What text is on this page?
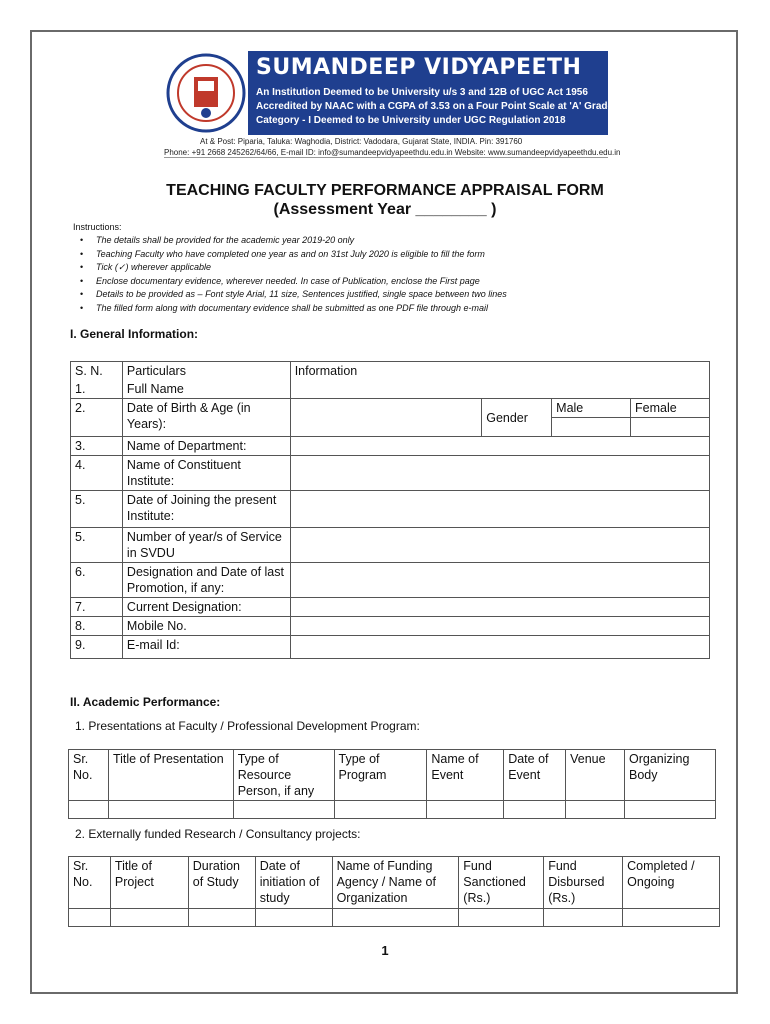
SUMANDEEP VIDYAPEETH
An Institution Deemed to be University u/s 3 and 12B of UGC Act 1956
Accredited by NAAC with a CGPA of 3.53 on a Four Point Scale at 'A' Grade
Category - I Deemed to be University under UGC Regulation 2018
At & Post: Piparia, Taluka: Waghodia, District: Vadodara, Gujarat State, INDIA. Pin: 391760
Phone: +91 2668 245262/64/66, E-mail ID: info@sumandeepvidyapeethdu.edu.in Website: www.sumandeepvidyapeethdu.edu.in
TEACHING FACULTY PERFORMANCE APPRAISAL FORM
(Assessment Year ________ )
Instructions:
• The details shall be provided for the academic year 2019-20 only
• Teaching Faculty who have completed one year as and on 31st July 2020 is eligible to fill the form
• Tick (✓) wherever applicable
• Enclose documentary evidence, wherever needed. In case of Publication, enclose the First page
• Details to be provided as – Font style Arial, 11 size, Sentences justified, single space between two lines
• The filled form along with documentary evidence shall be submitted as one PDF file through e-mail
I. General Information:
S. N.	Particulars	Information			
1.	Full Name				
2.	Date of Birth & Age (in Years):		Gender	Male	Female

3.	Name of Department:				
4.	Name of Constituent Institute:				
5.	Date of Joining the present Institute:				
5.	Number of year/s of Service in SVDU				
6.	Designation and Date of last Promotion, if any:				
7.	Current Designation:				
8.	Mobile No.				
9.	E-mail Id:				
II. Academic Performance:
1. Presentations at Faculty / Professional Development Program:
Sr. No.	Title of Presentation	Type of Resource Person, if any	Type of Program	Name of Event	Date of Event	Venue	Organizing Body

2. Externally funded Research / Consultancy projects:
Sr. No.	Title of Project	Duration of Study	Date of initiation of study	Name of Funding Agency / Name of Organization	Fund Sanctioned (Rs.)	Fund Disbursed (Rs.)	Completed / Ongoing

1
